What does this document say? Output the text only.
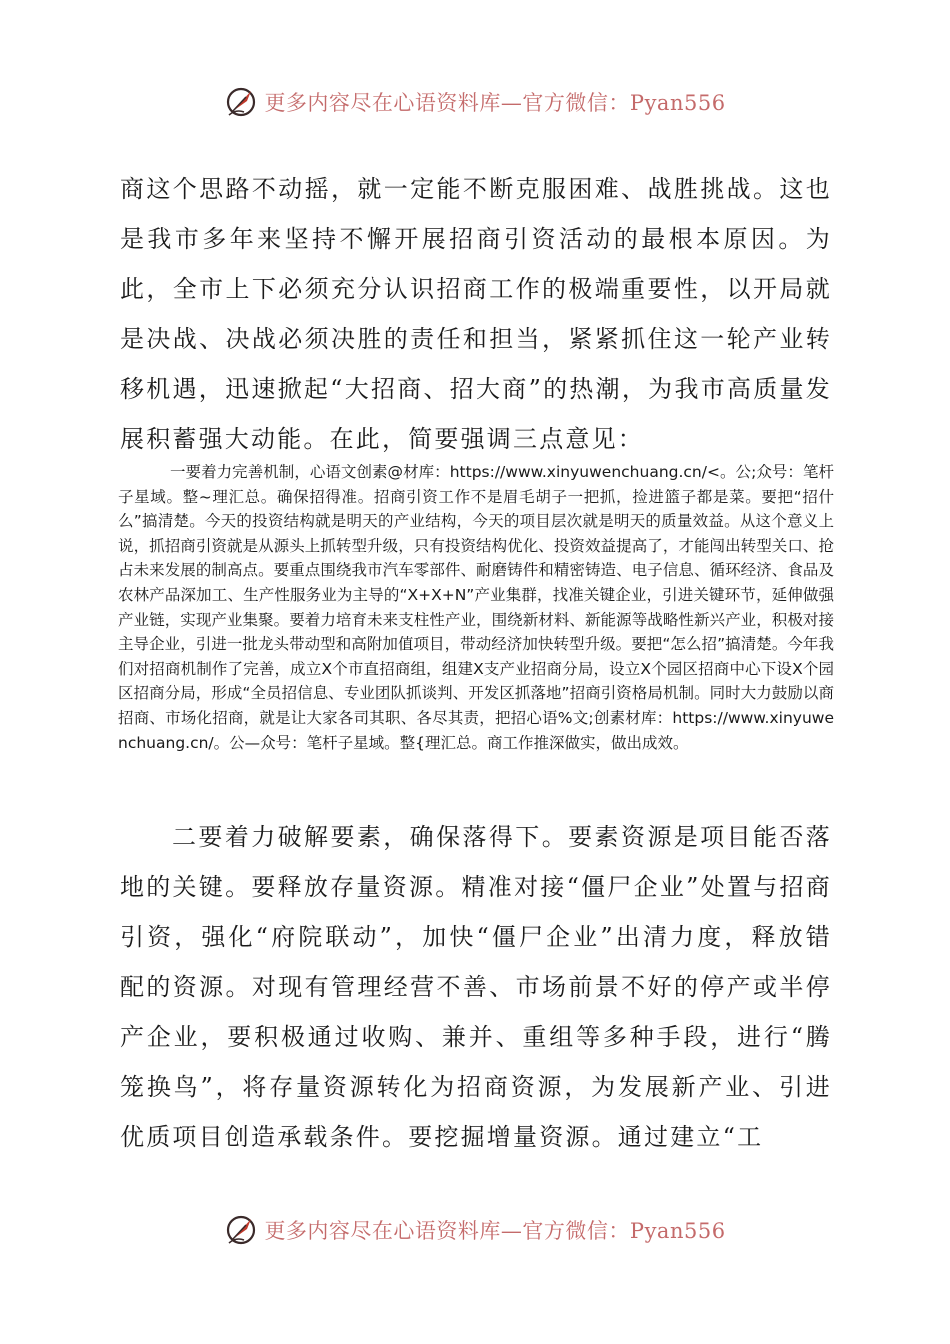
更多内容尽在心语资料库—官方微信：Pyan556

商这个思路不动摇，就一定能不断克服困难、战胜挑战。这也是我市多年来坚持不懈开展招商引资活动的最根本原因。为此，全市上下必须充分认识招商工作的极端重要性，以开局就是决战、决战必须决胜的责任和担当，紧紧抓住这一轮产业转移机遇，迅速掀起“大招商、招大商”的热潮，为我市高质量发展积蓄强大动能。在此，简要强调三点意见：

一要着力完善机制，心语文创素@材库：https://www.xinyuwenchuang.cn/<。公;众号：笔杆子星域。整~理汇总。确保招得准。招商引资工作不是眉毛胡子一把抓，捡进篮子都是菜。要把“招什么”搞清楚。今天的投资结构就是明天的产业结构，今天的项目层次就是明天的质量效益。从这个意义上说，抓招商引资就是从源头上抓转型升级，只有投资结构优化、投资效益提高了，才能闯出转型关口、抢占未来发展的制高点。要重点围绕我市汽车零部件、耐磨铸件和精密铸造、电子信息、循环经济、食品及农林产品深加工、生产性服务业为主导的“X+X+N”产业集群，找准关键企业，引进关键环节，延伸做强产业链，实现产业集聚。要着力培育未来支柱性产业，围绕新材料、新能源等战略性新兴产业，积极对接主导企业，引进一批龙头带动型和高附加值项目，带动经济加快转型升级。要把“怎么招”搞清楚。今年我们对招商机制作了完善，成立X个市直招商组，组建X支产业招商分局，设立X个园区招商中心下设X个园区招商分局，形成“全员招信息、专业团队抓谈判、开发区抓落地”招商引资格局机制。同时大力鼓励以商招商、市场化招商，就是让大家各司其职、各尽其责，把招心语%文;创素材库：https://www.xinyuwenchuang.cn/。公—众号：笔杆子星域。整{理汇总。商工作推深做实，做出成效。

二要着力破解要素，确保落得下。要素资源是项目能否落地的关键。要释放存量资源。精准对接“僵尸企业”处置与招商引资，强化“府院联动”，加快“僵尸企业”出清力度，释放错配的资源。对现有管理经营不善、市场前景不好的停产或半停产企业，要积极通过收购、兼并、重组等多种手段，进行“腾笼换鸟”，将存量资源转化为招商资源，为发展新产业、引进优质项目创造承载条件。要挖掘增量资源。通过建立“工

更多内容尽在心语资料库—官方微信：Pyan556
